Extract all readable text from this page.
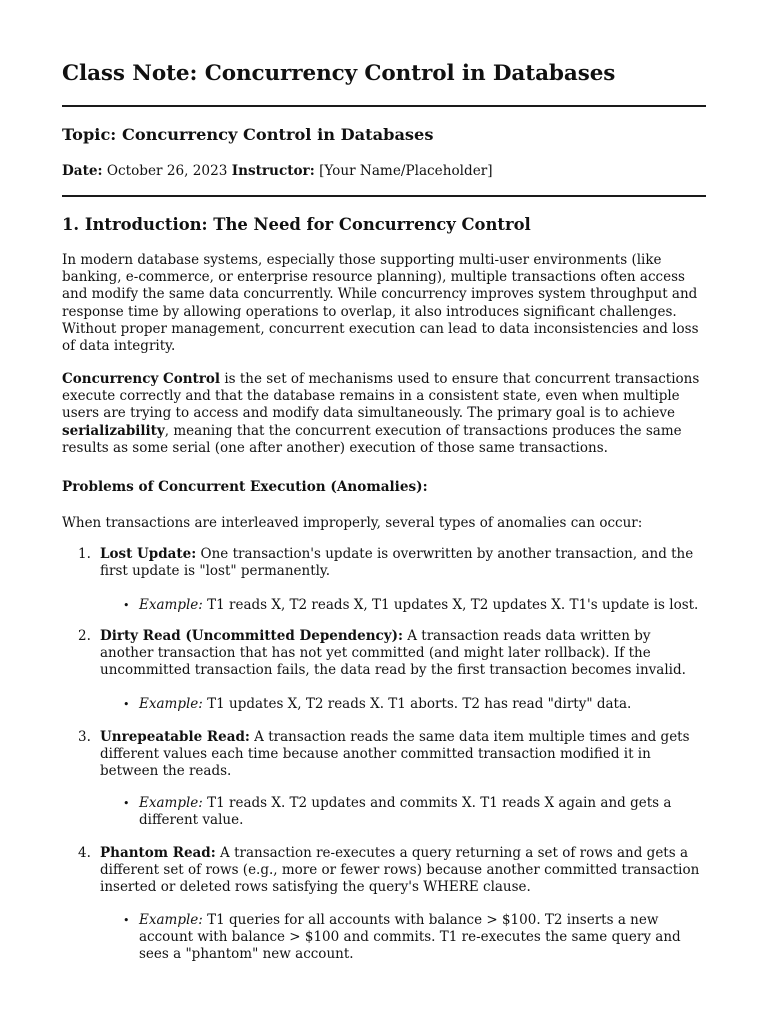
Class Note: Concurrency Control in Databases
Topic: Concurrency Control in Databases

Date: October 26, 2023 Instructor: [Your Name/Placeholder]

1. Introduction: The Need for Concurrency Control

In modern database systems, especially those supporting multi-user environments (like banking, e-commerce, or enterprise resource planning), multiple transactions often access and modify the same data concurrently. While concurrency improves system throughput and response time by allowing operations to overlap, it also introduces significant challenges. Without proper management, concurrent execution can lead to data inconsistencies and loss of data integrity.

Concurrency Control is the set of mechanisms used to ensure that concurrent transactions execute correctly and that the database remains in a consistent state, even when multiple users are trying to access and modify data simultaneously. The primary goal is to achieve serializability, meaning that the concurrent execution of transactions produces the same results as some serial (one after another) execution of those same transactions.

Problems of Concurrent Execution (Anomalies):

When transactions are interleaved improperly, several types of anomalies can occur:

1. Lost Update: One transaction's update is overwritten by another transaction, and the first update is "lost" permanently.

• Example: T1 reads X, T2 reads X, T1 updates X, T2 updates X. T1's update is lost.

2. Dirty Read (Uncommitted Dependency): A transaction reads data written by another transaction that has not yet committed (and might later rollback). If the uncommitted transaction fails, the data read by the first transaction becomes invalid.

• Example: T1 updates X, T2 reads X. T1 aborts. T2 has read "dirty" data.

3. Unrepeatable Read: A transaction reads the same data item multiple times and gets different values each time because another committed transaction modified it in between the reads.

• Example: T1 reads X. T2 updates and commits X. T1 reads X again and gets a different value.

4. Phantom Read: A transaction re-executes a query returning a set of rows and gets a different set of rows (e.g., more or fewer rows) because another committed transaction inserted or deleted rows satisfying the query's WHERE clause.

• Example: T1 queries for all accounts with balance > $100. T2 inserts a new account with balance > $100 and commits. T1 re-executes the same query and sees a "phantom" new account.
